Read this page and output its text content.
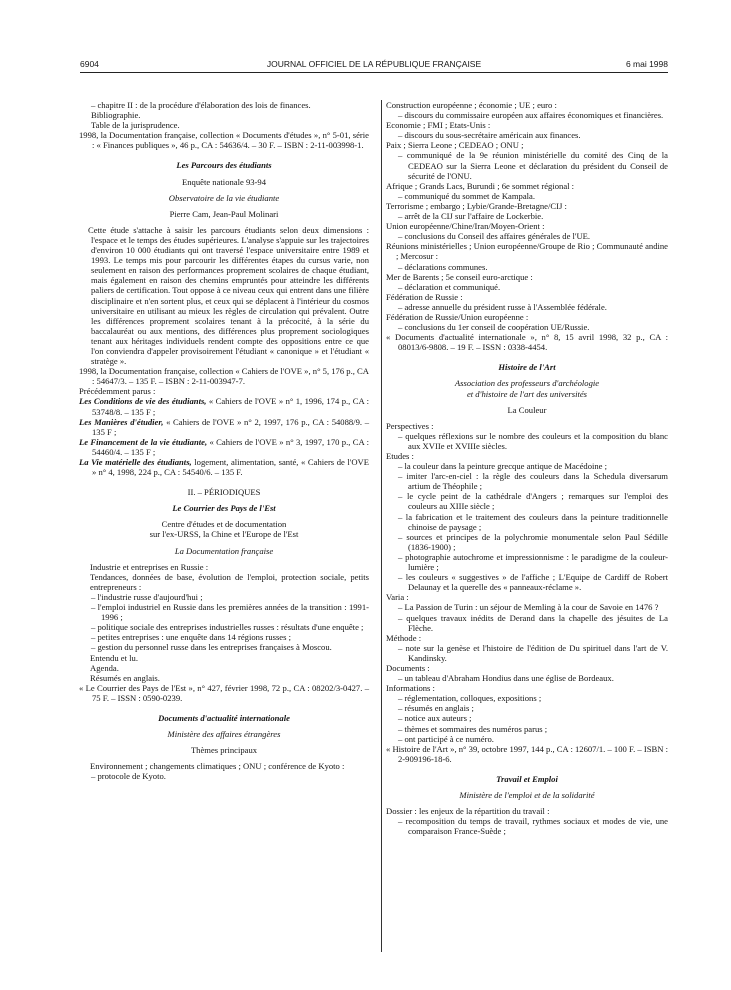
6904	JOURNAL OFFICIEL DE LA RÉPUBLIQUE FRANÇAISE	6 mai 1998

– chapitre II : de la procédure d'élaboration des lois de finances.

Bibliographie.

Table de la jurisprudence.

1998, la Documentation française, collection « Documents d'études », n° 5-01, série : « Finances publiques », 46 p., CA : 54636/4. – 30 F. – ISBN : 2-11-003998-1.

Les Parcours des étudiants

Enquête nationale 93-94

Observatoire de la vie étudiante

Pierre Cam, Jean-Paul Molinari

Cette étude s'attache à saisir les parcours étudiants selon deux dimensions : l'espace et le temps des études supérieures. L'analyse s'appuie sur les trajectoires d'environ 10 000 étudiants qui ont traversé l'espace universitaire entre 1989 et 1993. Le temps mis pour parcourir les différentes étapes du cursus varie, non seulement en raison des performances proprement scolaires de chaque étudiant, mais également en raison des chemins empruntés pour atteindre les différents paliers de certification. Tout oppose à ce niveau ceux qui entrent dans une filière disciplinaire et n'en sortent plus, et ceux qui se déplacent à l'intérieur du cosmos universitaire en utilisant au mieux les règles de circulation qui prévalent. Outre les différences proprement scolaires tenant à la précocité, à la série du baccalauréat ou aux mentions, des différences plus proprement sociologiques tenant aux héritages individuels rendent compte des oppositions entre ce que l'on conviendra d'appeler provisoirement l'étudiant « canonique » et l'étudiant « stratège ».

1998, la Documentation française, collection « Cahiers de l'OVE », n° 5, 176 p., CA : 54647/3. – 135 F. – ISBN : 2-11-003947-7.

Précédemment parus :

Les Conditions de vie des étudiants, « Cahiers de l'OVE » n° 1, 1996, 174 p., CA : 53748/8. – 135 F ;

Les Manières d'étudier, « Cahiers de l'OVE » n° 2, 1997, 176 p., CA : 54088/9. – 135 F ;

Le Financement de la vie étudiante, « Cahiers de l'OVE » n° 3, 1997, 170 p., CA : 54460/4. – 135 F ;

La Vie matérielle des étudiants, logement, alimentation, santé, « Cahiers de l'OVE » n° 4, 1998, 224 p., CA : 54540/6. – 135 F.

II. – PÉRIODIQUES

Le Courrier des Pays de l'Est

Centre d'études et de documentation

sur l'ex-URSS, la Chine et l'Europe de l'Est

La Documentation française

Industrie et entreprises en Russie :

Tendances, données de base, évolution de l'emploi, protection sociale, petits entrepreneurs :

– l'industrie russe d'aujourd'hui ;

– l'emploi industriel en Russie dans les premières années de la transition : 1991-1996 ;

– politique sociale des entreprises industrielles russes : résultats d'une enquête ;

– petites entreprises : une enquête dans 14 régions russes ;

– gestion du personnel russe dans les entreprises françaises à Moscou.

Entendu et lu.

Agenda.

Résumés en anglais.

« Le Courrier des Pays de l'Est », n° 427, février 1998, 72 p., CA : 08202/3-0427. – 75 F. – ISSN : 0590-0239.

Documents d'actualité internationale

Ministère des affaires étrangères

Thèmes principaux

Environnement ; changements climatiques ; ONU ; conférence de Kyoto :

– protocole de Kyoto.

Construction européenne ; économie ; UE ; euro :

– discours du commissaire européen aux affaires économiques et financières.

Economie ; FMI ; Etats-Unis :

– discours du sous-secrétaire américain aux finances.

Paix ; Sierra Leone ; CEDEAO ; ONU ;

– communiqué de la 9e réunion ministérielle du comité des Cinq de la CEDEAO sur la Sierra Leone et déclaration du président du Conseil de sécurité de l'ONU.

Afrique ; Grands Lacs, Burundi ; 6e sommet régional :

– communiqué du sommet de Kampala.

Terrorisme ; embargo ; Lybie/Grande-Bretagne/CIJ :

– arrêt de la CIJ sur l'affaire de Lockerbie.

Union européenne/Chine/Iran/Moyen-Orient :

– conclusions du Conseil des affaires générales de l'UE.

Réunions ministérielles ; Union européenne/Groupe de Rio ; Communauté andine ; Mercosur :

– déclarations communes.

Mer de Barents ; 5e conseil euro-arctique :

– déclaration et communiqué.

Fédération de Russie :

– adresse annuelle du président russe à l'Assemblée fédérale.

Fédération de Russie/Union européenne :

– conclusions du 1er conseil de coopération UE/Russie.

« Documents d'actualité internationale », n° 8, 15 avril 1998, 32 p., CA : 08013/6-9808. – 19 F. – ISSN : 0338-4454.

Histoire de l'Art

Association des professeurs d'archéologie

et d'histoire de l'art des universités

La Couleur

Perspectives :

– quelques réflexions sur le nombre des couleurs et la composition du blanc aux XVIIe et XVIIIe siècles.

Etudes :

– la couleur dans la peinture grecque antique de Macédoine ;

– imiter l'arc-en-ciel : la règle des couleurs dans la Schedula diversarum artium de Théophile ;

– le cycle peint de la cathédrale d'Angers ; remarques sur l'emploi des couleurs au XIIIe siècle ;

– la fabrication et le traitement des couleurs dans la peinture traditionnelle chinoise de paysage ;

– sources et principes de la polychromie monumentale selon Paul Sédille (1836-1900) ;

– photographie autochrome et impressionnisme : le paradigme de la couleur-lumière ;

– les couleurs « suggestives » de l'affiche ; L'Equipe de Cardiff de Robert Delaunay et la querelle des « panneaux-réclame ».

Varia :

– La Passion de Turin : un séjour de Memling à la cour de Savoie en 1476 ?

– quelques travaux inédits de Derand dans la chapelle des jésuites de La Flèche.

Méthode :

– note sur la genèse et l'histoire de l'édition de Du spirituel dans l'art de V. Kandinsky.

Documents :

– un tableau d'Abraham Hondius dans une église de Bordeaux.

Informations :

– réglementation, colloques, expositions ;

– résumés en anglais ;

– notice aux auteurs ;

– thèmes et sommaires des numéros parus ;

– ont participé à ce numéro.

« Histoire de l'Art », n° 39, octobre 1997, 144 p., CA : 12607/1. – 100 F. – ISBN : 2-909196-18-6.

Travail et Emploi

Ministère de l'emploi et de la solidarité

Dossier : les enjeux de la répartition du travail :

– recomposition du temps de travail, rythmes sociaux et modes de vie, une comparaison France-Suède ;
